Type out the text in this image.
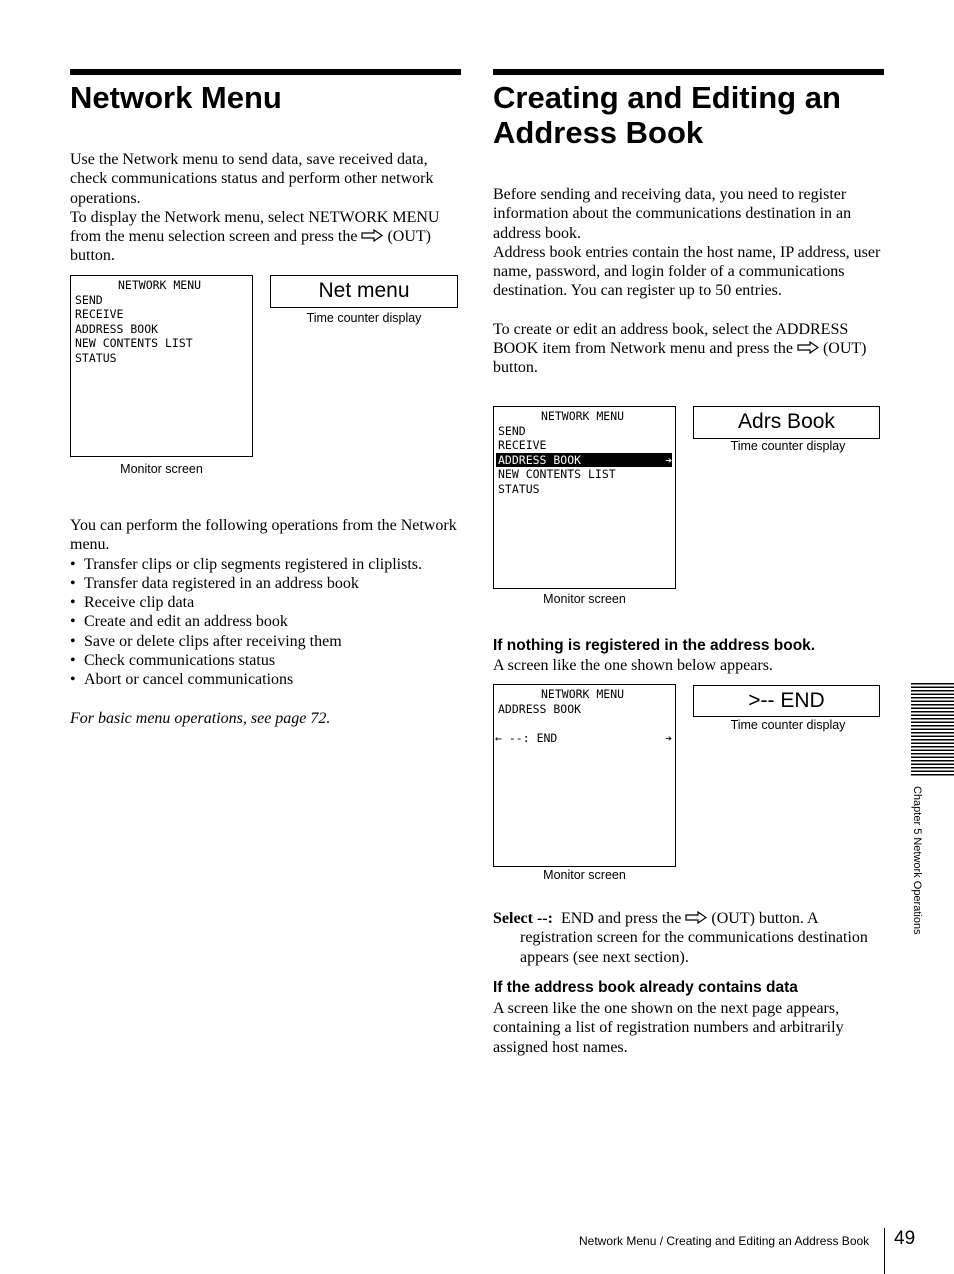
Network Menu

Use the Network menu to send data, save received data, check communications status and perform other network operations.

To display the Network menu, select NETWORK MENU from the menu selection screen and press the (OUT) button.

NETWORK MENU
SEND
RECEIVE
ADDRESS BOOK
NEW CONTENTS LIST
STATUS
Monitor screen
Net menu
Time counter display

You can perform the following operations from the Network menu.

• Transfer clips or clip segments registered in cliplists.
• Transfer data registered in an address book
• Receive clip data
• Create and edit an address book
• Save or delete clips after receiving them
• Check communications status
• Abort or cancel communications
For basic menu operations, see page 72.
Creating and Editing an
Address Book

Before sending and receiving data, you need to register information about the communications destination in an address book.

Address book entries contain the host name, IP address, user name, password, and login folder of a communications destination. You can register up to 50 entries.

To create or edit an address book, select the ADDRESS BOOK item from Network menu and press the (OUT) button.

NETWORK MENU
SEND
RECEIVE
ADDRESS BOOK	➔
NEW CONTENTS LIST
STATUS
Monitor screen
Adrs Book
Time counter display
If nothing is registered in the address book.
A screen like the one shown below appears.
NETWORK MENU
ADDRESS BOOK
← --: END	➔
Monitor screen
>-- END
Time counter display
Select --: END and press the (OUT) button. A registration screen for the communications destination appears (see next section).
If the address book already contains data
A screen like the one shown on the next page appears, containing a list of registration numbers and arbitrarily assigned host names.
Chapter 5 Network Operations
Network Menu / Creating and Editing an Address Book 49
